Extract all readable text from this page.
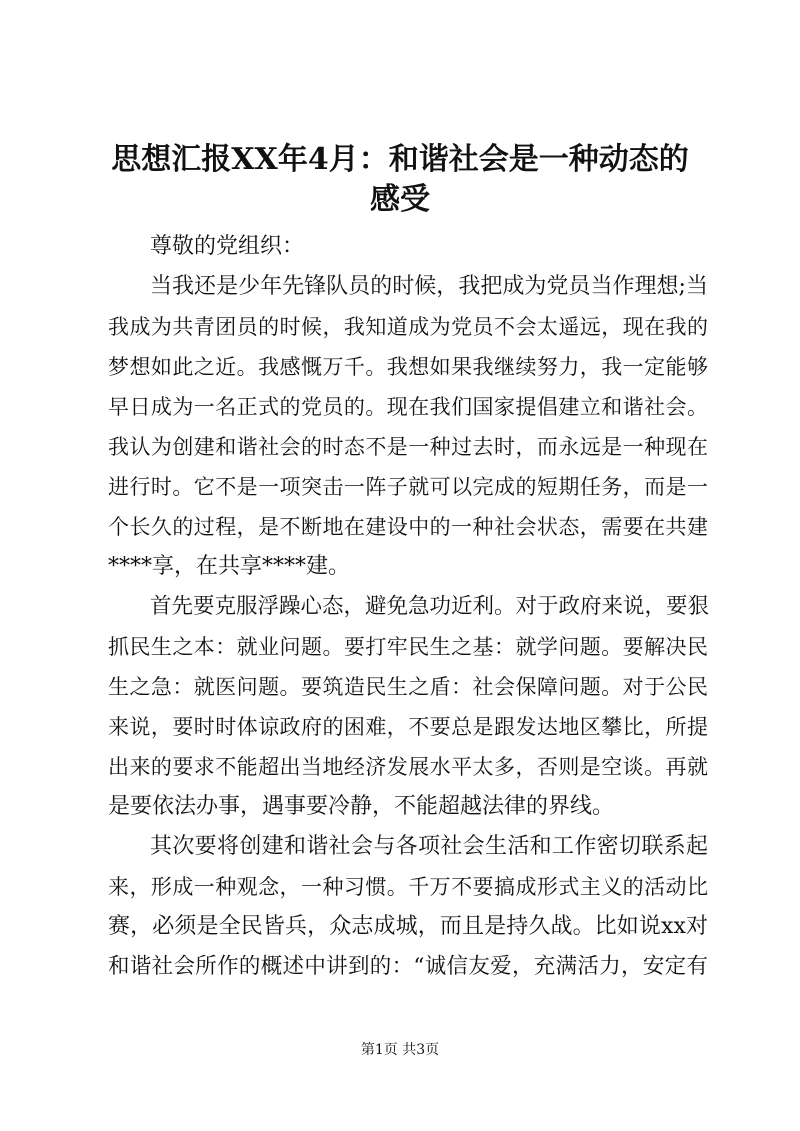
思想汇报XX年4月：和谐社会是一种动态的
感受
尊敬的党组织：
当我还是少年先锋队员的时候，我把成为党员当作理想;当
我成为共青团员的时候，我知道成为党员不会太遥远，现在我的
梦想如此之近。我感慨万千。我想如果我继续努力，我一定能够
早日成为一名正式的党员的。现在我们国家提倡建立和谐社会。
我认为创建和谐社会的时态不是一种过去时，而永远是一种现在
进行时。它不是一项突击一阵子就可以完成的短期任务，而是一
个长久的过程，是不断地在建设中的一种社会状态，需要在共建
****享，在共享****建。
首先要克服浮躁心态，避免急功近利。对于政府来说，要狠
抓民生之本：就业问题。要打牢民生之基：就学问题。要解决民
生之急：就医问题。要筑造民生之盾：社会保障问题。对于公民
来说，要时时体谅政府的困难，不要总是跟发达地区攀比，所提
出来的要求不能超出当地经济发展水平太多，否则是空谈。再就
是要依法办事，遇事要冷静，不能超越法律的界线。
其次要将创建和谐社会与各项社会生活和工作密切联系起
来，形成一种观念，一种习惯。千万不要搞成形式主义的活动比
赛，必须是全民皆兵，众志成城，而且是持久战。比如说xx对
和谐社会所作的概述中讲到的：“诚信友爱，充满活力，安定有
第1页 共3页
